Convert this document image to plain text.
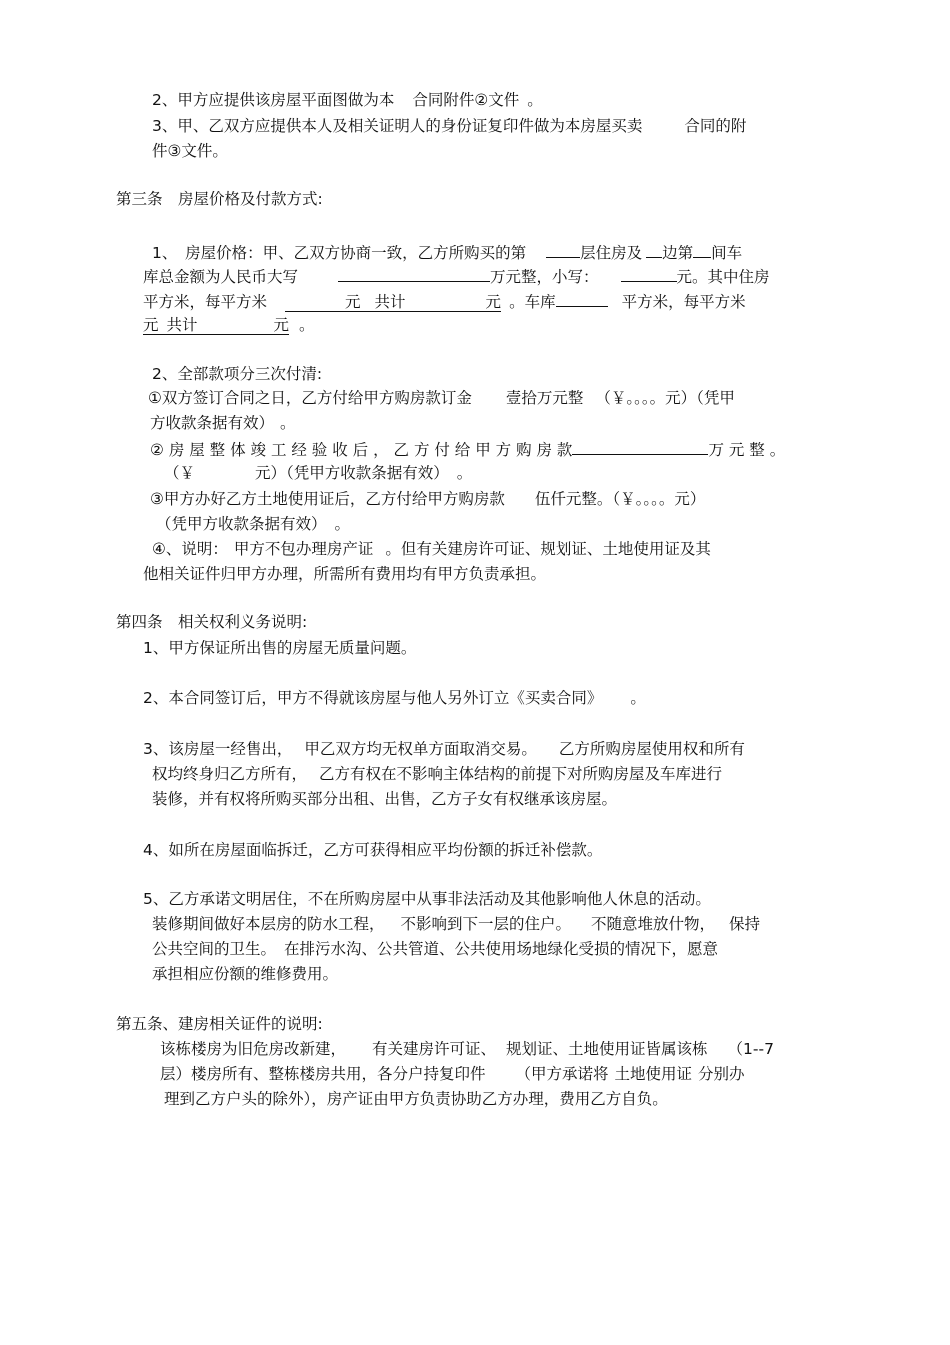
2、甲方应提供该房屋平面图做为本 合同附件②文件 。
3、甲、乙双方应提供本人及相关证明人的身份证复印件做为本房屋买卖	合同的附
件③文件。
第三条　房屋价格及付款方式:
1、　房屋价格：甲、乙双方协商一致，乙方所购买的第	层住房及 边第 间车
库总金额为人民币大写	万元整，小写：	元。其中住房
平方米，每平方米	元 共计	元 。车库	平方米，每平方米
元 共计	元 。
2、全部款项分三次付清:
①双方签订合同之日，乙方付给甲方购房款订金 壹拾万元整 （￥。。。。元）（凭甲
方收款条据有效） 。
② 房 屋 整 体 竣 工 经 验 收 后 ， 乙 方 付 给 甲 方 购 房 款	万 元 整 。
（￥	元）（凭甲方收款条据有效） 。
③甲方办好乙方土地使用证后，乙方付给甲方购房款 伍仟元整。（￥。。。。元）
（凭甲方收款条据有效） 。
④、说明： 甲方不包办理房产证 。但有关建房许可证、规划证、土地使用证及其
他相关证件归甲方办理，所需所有费用均有甲方负责承担。
第四条　相关权利义务说明:
1、甲方保证所出售的房屋无质量问题。
2、本合同签订后，甲方不得就该房屋与他人另外订立《买卖合同》 。
3、该房屋一经售出， 甲乙双方均无权单方面取消交易。 乙方所购房屋使用权和所有
权均终身归乙方所有， 乙方有权在不影响主体结构的前提下对所购房屋及车库进行
装修，并有权将所购买部分出租、出售，乙方子女有权继承该房屋。
4、如所在房屋面临拆迁，乙方可获得相应平均份额的拆迁补偿款。
5、乙方承诺文明居住，不在所购房屋中从事非法活动及其他影响他人休息的活动。
装修期间做好本层房的防水工程， 不影响到下一层的住户。 不随意堆放什物， 保持
公共空间的卫生。 在排污水沟、公共管道、公共使用场地绿化受损的情况下，愿意
承担相应份额的维修费用。
第五条、建房相关证件的说明:
该栋楼房为旧危房改新建， 有关建房许可证、 规划证、土地使用证皆属该栋 （1--7
层）楼房所有、整栋楼房共用，各分户持复印件 （甲方承诺将 土地使用证 分别办
理到乙方户头的除外），房产证由甲方负责协助乙方办理，费用乙方自负。
